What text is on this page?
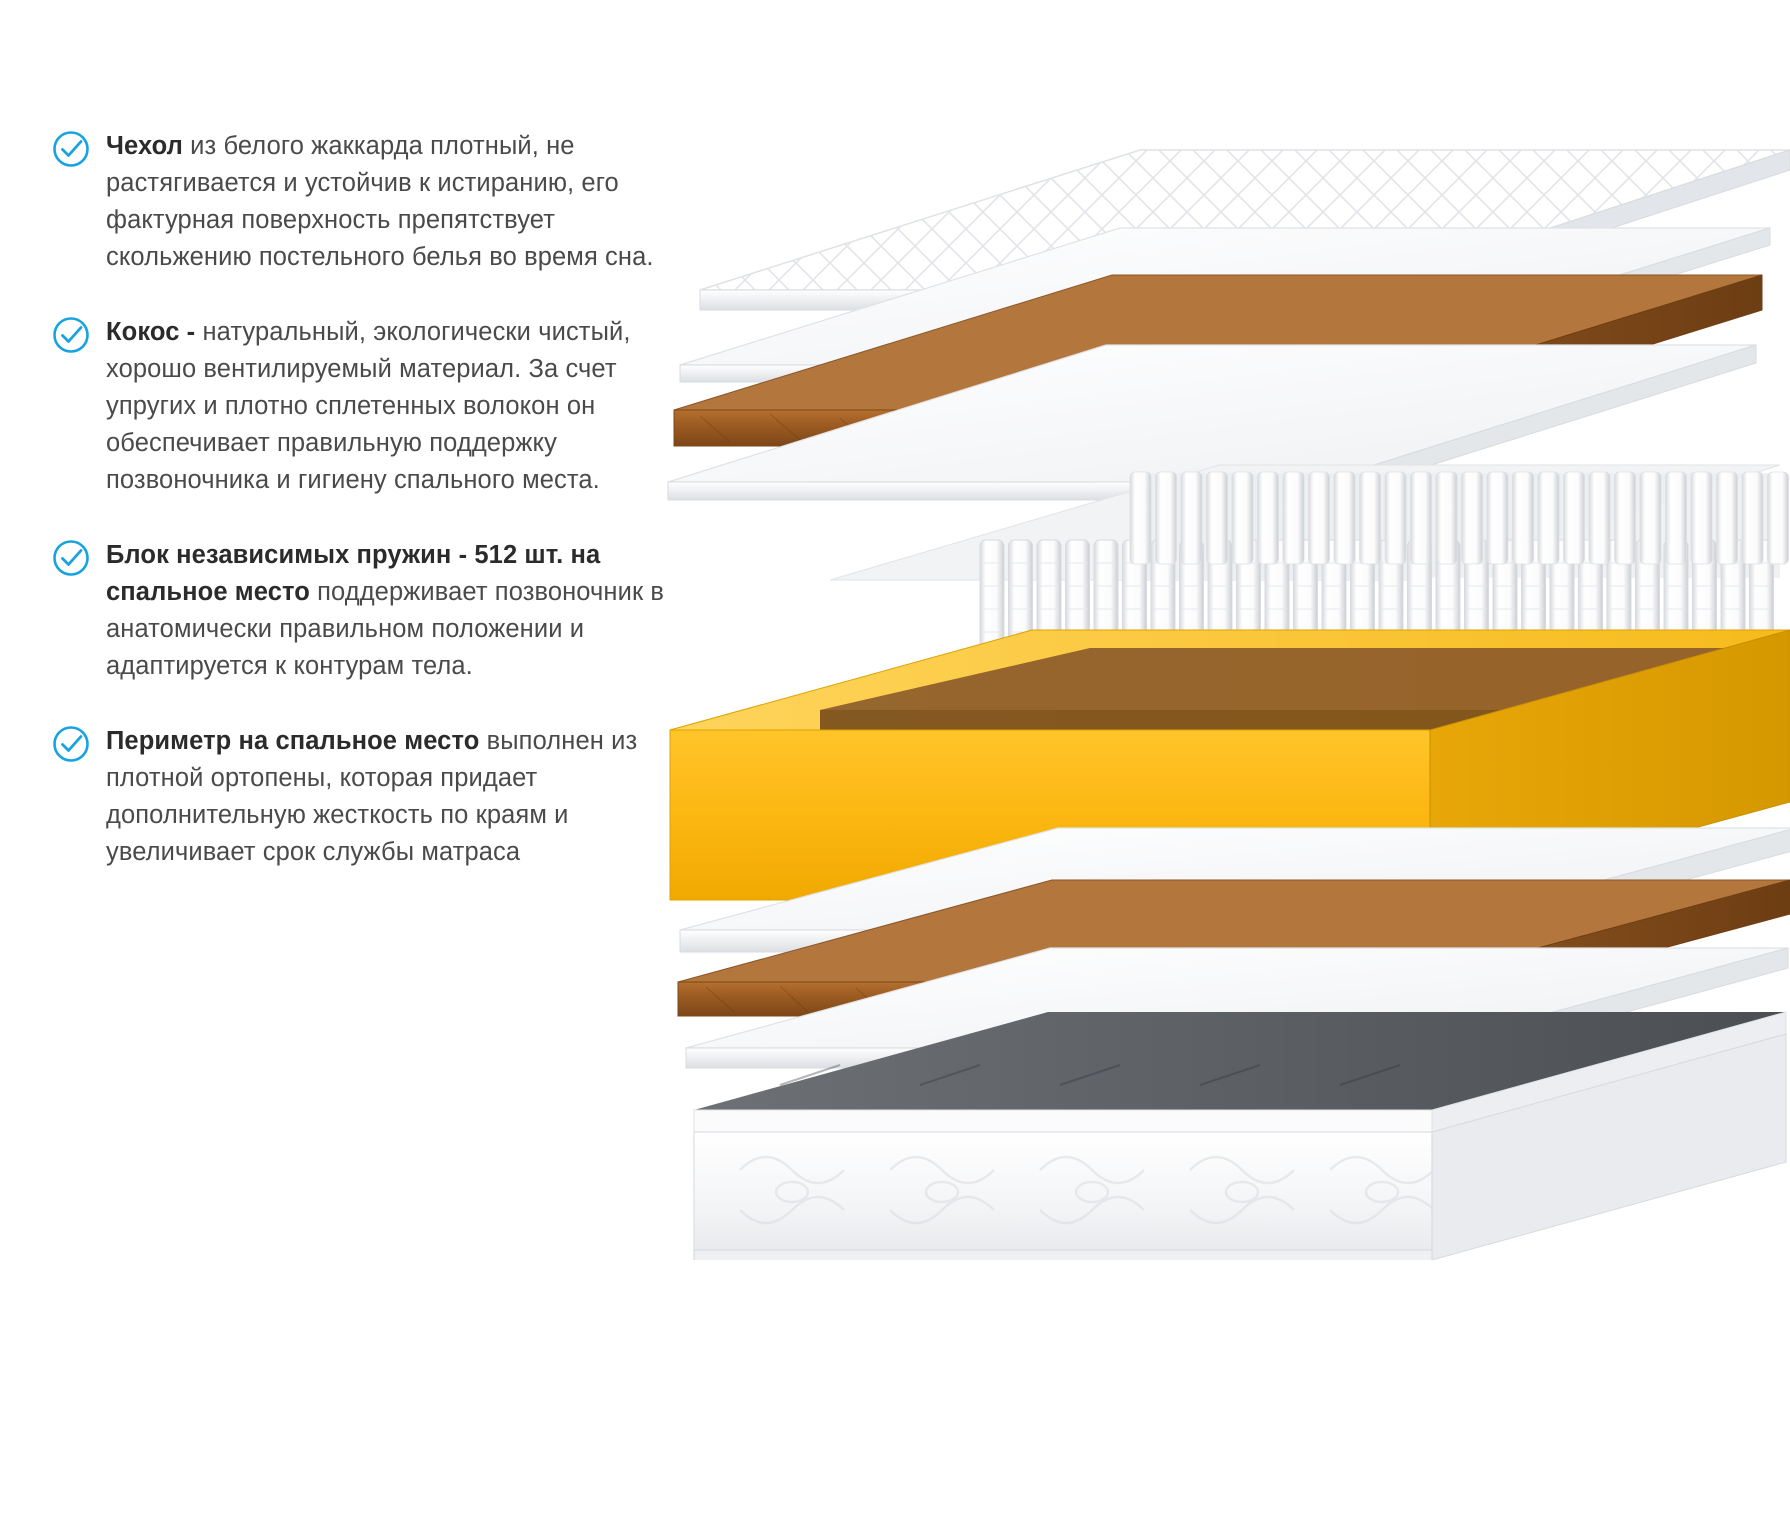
Чехол из белого жаккарда плотный, не растягивается и устойчив к истиранию, его фактурная поверхность препятствует скольжению постельного белья во время сна.
Кокос - натуральный, экологически чистый, хорошо вентилируемый материал. За счет упругих и плотно сплетенных волокон он обеспечивает правильную поддержку позвоночника и гигиену спального места.
Блок независимых пружин - 512 шт. на спальное место поддерживает позвоночник в анатомически правильном положении и адаптируется к контурам тела.
Периметр на спальное место выполнен из плотной ортопены, которая придает дополнительную жесткость по краям и увеличивает срок службы матраса
